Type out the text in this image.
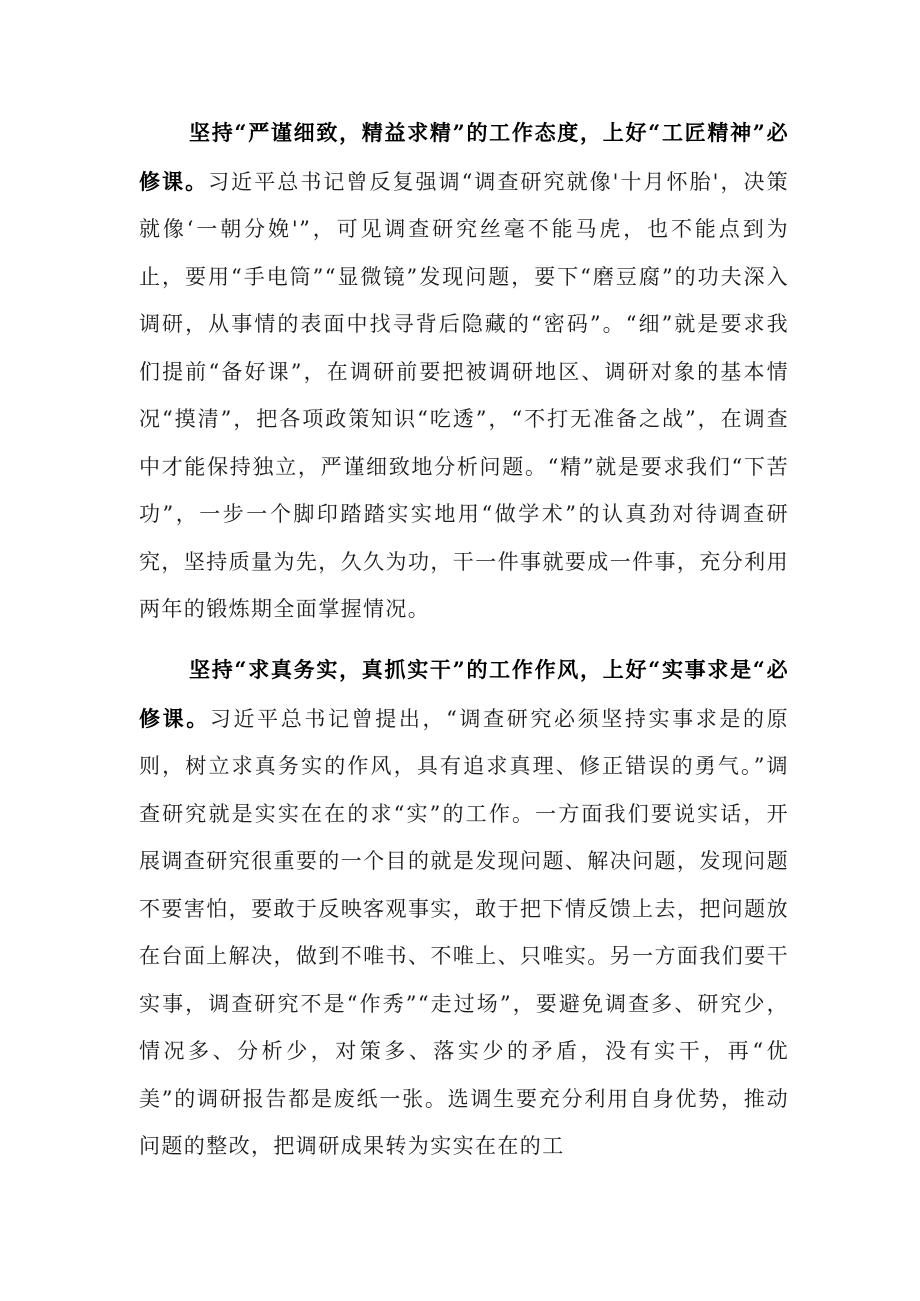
坚持“严谨细致，精益求精”的工作态度，上好“工匠精神”必修课。习近平总书记曾反复强调“调查研究就像'十月怀胎'，决策就像‘一朝分娩'”，可见调查研究丝毫不能马虎，也不能点到为止，要用“手电筒”“显微镜”发现问题，要下“磨豆腐”的功夫深入调研，从事情的表面中找寻背后隐藏的“密码”。“细”就是要求我们提前“备好课”，在调研前要把被调研地区、调研对象的基本情况“摸清”，把各项政策知识“吃透”，“不打无准备之战”，在调查中才能保持独立，严谨细致地分析问题。“精”就是要求我们“下苦功”，一步一个脚印踏踏实实地用“做学术”的认真劲对待调查研究，坚持质量为先，久久为功，干一件事就要成一件事，充分利用两年的锻炼期全面掌握情况。

坚持“求真务实，真抓实干”的工作作风，上好“实事求是“必修课。习近平总书记曾提出，“调查研究必须坚持实事求是的原则，树立求真务实的作风，具有追求真理、修正错误的勇气。”调查研究就是实实在在的求“实”的工作。一方面我们要说实话，开展调查研究很重要的一个目的就是发现问题、解决问题，发现问题不要害怕，要敢于反映客观事实，敢于把下情反馈上去，把问题放在台面上解决，做到不唯书、不唯上、只唯实。另一方面我们要干实事，调查研究不是“作秀”“走过场”，要避免调查多、研究少，情况多、分析少，对策多、落实少的矛盾，没有实干，再“优美”的调研报告都是废纸一张。选调生要充分利用自身优势，推动问题的整改，把调研成果转为实实在在的工
